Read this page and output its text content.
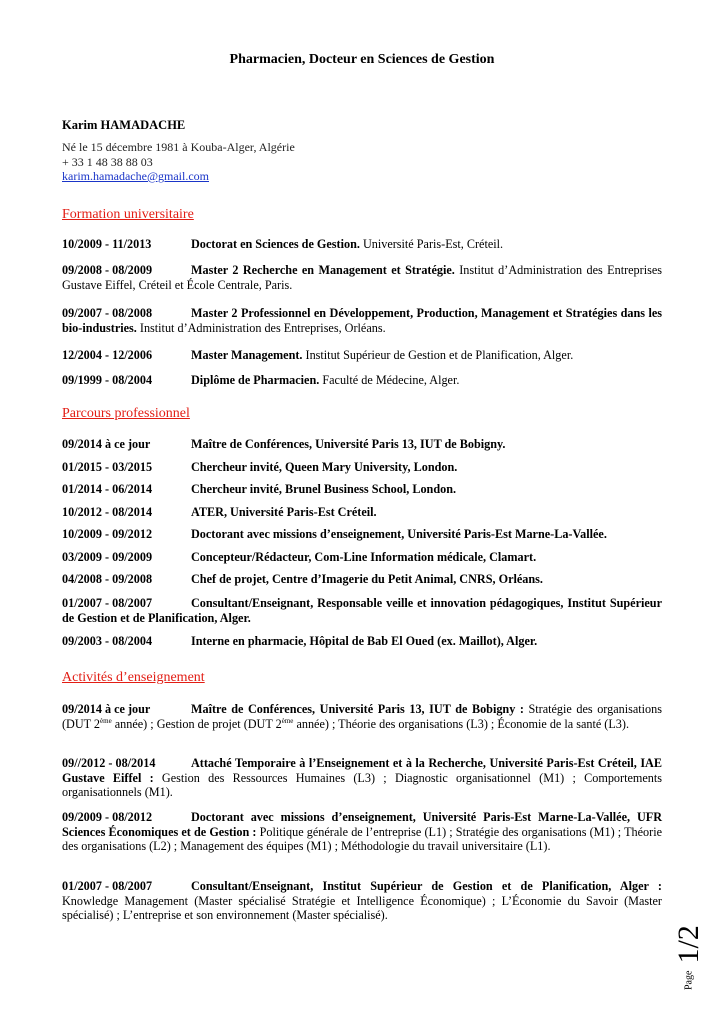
Pharmacien, Docteur en Sciences de Gestion
Karim HAMADACHE
Né le 15 décembre 1981 à Kouba-Alger, Algérie
+ 33 1 48 38 88 03
karim.hamadache@gmail.com
Formation universitaire
10/2009 - 11/2013	Doctorat en Sciences de Gestion. Université Paris-Est, Créteil.
09/2008 - 08/2009	Master 2 Recherche en Management et Stratégie. Institut d’Administration des Entreprises Gustave Eiffel, Créteil et École Centrale, Paris.
09/2007 - 08/2008	Master 2 Professionnel en Développement, Production, Management et Stratégies dans les bio-industries. Institut d’Administration des Entreprises, Orléans.
12/2004 - 12/2006	Master Management. Institut Supérieur de Gestion et de Planification, Alger.
09/1999 - 08/2004	Diplôme de Pharmacien. Faculté de Médecine, Alger.
Parcours professionnel
09/2014 à ce jour	Maître de Conférences, Université Paris 13, IUT de Bobigny.
01/2015 - 03/2015	Chercheur invité, Queen Mary University, London.
01/2014 - 06/2014	Chercheur invité, Brunel Business School, London.
10/2012 - 08/2014	ATER, Université Paris-Est Créteil.
10/2009 - 09/2012	Doctorant avec missions d’enseignement, Université Paris-Est Marne-La-Vallée.
03/2009 - 09/2009	Concepteur/Rédacteur, Com-Line Information médicale, Clamart.
04/2008 - 09/2008	Chef de projet, Centre d’Imagerie du Petit Animal, CNRS, Orléans.
01/2007 - 08/2007	Consultant/Enseignant, Responsable veille et innovation pédagogiques, Institut Supérieur de Gestion et de Planification, Alger.
09/2003 - 08/2004	Interne en pharmacie, Hôpital de Bab El Oued (ex. Maillot), Alger.
Activités d’enseignement
09/2014 à ce jour	Maître de Conférences, Université Paris 13, IUT de Bobigny : Stratégie des organisations (DUT 2ème année) ; Gestion de projet (DUT 2ème année) ; Théorie des organisations (L3) ; Économie de la santé (L3).
09//2012 - 08/2014	Attaché Temporaire à l’Enseignement et à la Recherche, Université Paris-Est Créteil, IAE Gustave Eiffel : Gestion des Ressources Humaines (L3) ; Diagnostic organisationnel (M1) ; Comportements organisationnels (M1).
09/2009 - 08/2012	Doctorant avec missions d’enseignement, Université Paris-Est Marne-La-Vallée, UFR Sciences Économiques et de Gestion : Politique générale de l’entreprise (L1) ; Stratégie des organisations (M1) ; Théorie des organisations (L2) ; Management des équipes (M1) ; Méthodologie du travail universitaire (L1).
01/2007 - 08/2007	Consultant/Enseignant, Institut Supérieur de Gestion et de Planification, Alger : Knowledge Management (Master spécialisé Stratégie et Intelligence Économique) ; L’Économie du Savoir (Master spécialisé) ; L’entreprise et son environnement (Master spécialisé).
Page 1/2
